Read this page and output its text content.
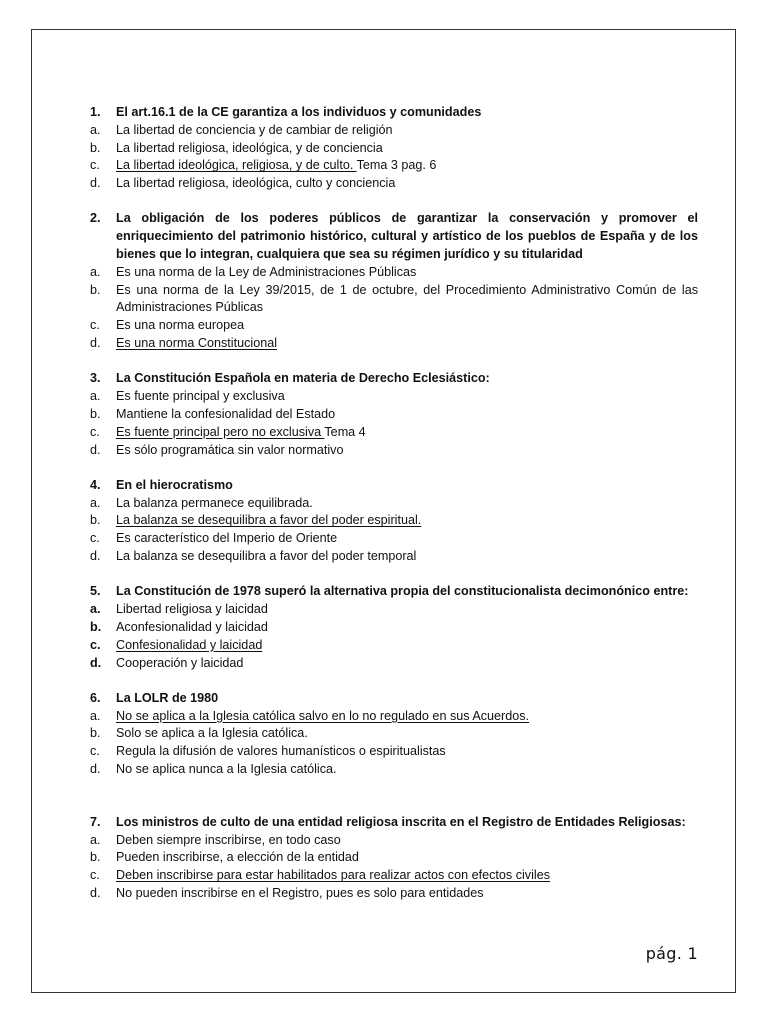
1.	El art.16.1 de la CE garantiza a los individuos y comunidades
a.	La libertad de conciencia y de cambiar de religión
b.	La libertad religiosa, ideológica, y de conciencia
c.	La libertad ideológica, religiosa, y de culto. Tema 3 pag. 6
d.	La libertad religiosa, ideológica, culto y conciencia
2.	La obligación de los poderes públicos de garantizar la conservación y promover el enriquecimiento del patrimonio histórico, cultural y artístico de los pueblos de España y de los bienes que lo integran, cualquiera que sea su régimen jurídico y su titularidad
a.	Es una norma de la Ley de Administraciones Públicas
b.	Es una norma de la Ley 39/2015, de 1 de octubre, del Procedimiento Administrativo Común de las Administraciones Públicas
c.	Es una norma europea
d.	Es una norma Constitucional
3.	La Constitución Española en materia de Derecho Eclesiástico:
a.	Es fuente principal y exclusiva
b.	Mantiene la confesionalidad del Estado
c.	Es fuente principal pero no exclusiva Tema 4
d.	Es sólo programática sin valor normativo
4.	En el hierocratismo
a.	La balanza permanece equilibrada.
b.	La balanza se desequilibra a favor del poder espiritual.
c.	Es característico del Imperio de Oriente
d.	La balanza se desequilibra a favor del poder temporal
5.	La Constitución de 1978 superó la alternativa propia del constitucionalista decimonónico entre:
a.	Libertad religiosa y laicidad
b.	Aconfesionalidad y laicidad
c.	Confesionalidad y laicidad
d.	Cooperación y laicidad
6.	La LOLR de 1980
a.	No se aplica a la Iglesia católica salvo en lo no regulado en sus Acuerdos.
b.	Solo se aplica a la Iglesia católica.
c.	Regula la difusión de valores humanísticos o espiritualistas
d.	No se aplica nunca a la Iglesia católica.
7.	Los ministros de culto de una entidad religiosa inscrita en el Registro de Entidades Religiosas:
a.	Deben siempre inscribirse, en todo caso
b.	Pueden inscribirse, a elección de la entidad
c.	Deben inscribirse para estar habilitados para realizar actos con efectos civiles
d.	No pueden inscribirse en el Registro, pues es solo para entidades
pág. 1
